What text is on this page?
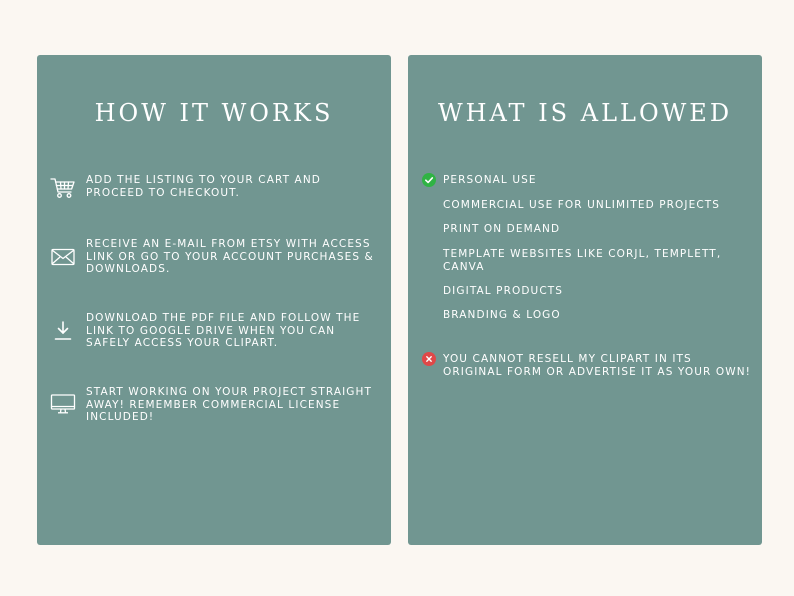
HOW IT WORKS
ADD THE LISTING TO YOUR CART AND PROCEED TO CHECKOUT.
RECEIVE AN E-MAIL FROM ETSY WITH ACCESS LINK OR GO TO YOUR ACCOUNT PURCHASES & DOWNLOADS.
DOWNLOAD THE PDF FILE AND FOLLOW THE LINK TO GOOGLE DRIVE WHEN YOU CAN SAFELY ACCESS YOUR CLIPART.
START WORKING ON YOUR PROJECT STRAIGHT AWAY! REMEMBER COMMERCIAL LICENSE INCLUDED!
WHAT IS ALLOWED
PERSONAL USE
COMMERCIAL USE FOR UNLIMITED PROJECTS
PRINT ON DEMAND
TEMPLATE WEBSITES LIKE CORJL, TEMPLETT, CANVA
DIGITAL PRODUCTS
BRANDING & LOGO
YOU CANNOT RESELL MY CLIPART IN ITS ORIGINAL FORM OR ADVERTISE IT AS YOUR OWN!
